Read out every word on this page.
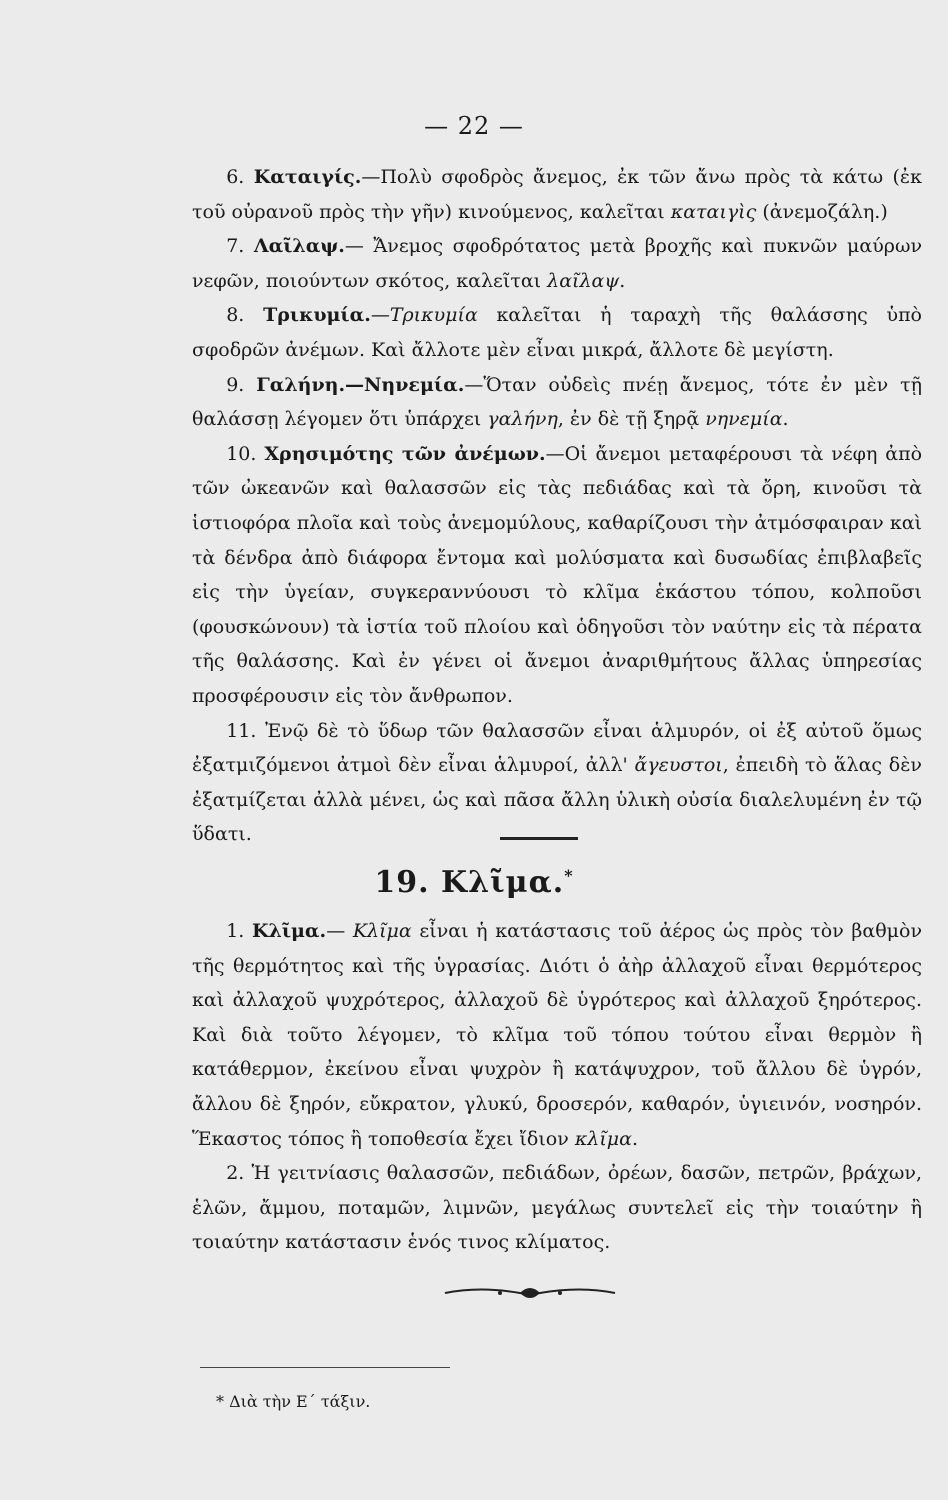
— 22 —

6. Καταιγίς.—Πολὺ σφοδρὸς ἄνεμος, ἐκ τῶν ἄνω πρὸς τὰ κάτω (ἐκ τοῦ οὐρανοῦ πρὸς τὴν γῆν) κινούμενος, καλεῖται καταιγὶς (ἀνεμοζάλη.)

7. Λαῖλαψ.— Ἄνεμος σφοδρότατος μετὰ βροχῆς καὶ πυκνῶν μαύρων νεφῶν, ποιούντων σκότος, καλεῖται λαῖλαψ.

8. Τρικυμία.—Τρικυμία καλεῖται ἡ ταραχὴ τῆς θαλάσσης ὑπὸ σφοδρῶν ἀνέμων. Καὶ ἄλλοτε μὲν εἶναι μικρά, ἄλλοτε δὲ μεγίστη.

9. Γαλήνη.—Νηνεμία.—Ὅταν οὐδεὶς πνέῃ ἄνεμος, τότε ἐν μὲν τῇ θαλάσσῃ λέγομεν ὅτι ὑπάρχει γαλήνη, ἐν δὲ τῇ ξηρᾷ νηνεμία.

10. Χρησιμότης τῶν ἀνέμων.—Οἱ ἄνεμοι μεταφέρουσι τὰ νέφη ἀπὸ τῶν ὠκεανῶν καὶ θαλασσῶν εἰς τὰς πεδιάδας καὶ τὰ ὄρη, κινοῦσι τὰ ἱστιοφόρα πλοῖα καὶ τοὺς ἀνεμομύλους, καθαρίζουσι τὴν ἀτμόσφαιραν καὶ τὰ δένδρα ἀπὸ διάφορα ἔντομα καὶ μολύσματα καὶ δυσωδίας ἐπιβλαβεῖς εἰς τὴν ὑγείαν, συγκεραννύουσι τὸ κλῖμα ἑκάστου τόπου, κολποῦσι (φουσκώνουν) τὰ ἱστία τοῦ πλοίου καὶ ὁδηγοῦσι τὸν ναύτην εἰς τὰ πέρατα τῆς θαλάσσης. Καὶ ἐν γένει οἱ ἄνεμοι ἀναριθμήτους ἄλλας ὑπηρεσίας προσφέρουσιν εἰς τὸν ἄνθρωπον.

11. Ἐνῷ δὲ τὸ ὕδωρ τῶν θαλασσῶν εἶναι ἁλμυρόν, οἱ ἐξ αὐτοῦ ὅμως ἐξατμιζόμενοι ἀτμοὶ δὲν εἶναι ἁλμυροί, ἀλλ' ἄγευστοι, ἐπειδὴ τὸ ἅλας δὲν ἐξατμίζεται ἀλλὰ μένει, ὡς καὶ πᾶσα ἄλλη ὑλικὴ οὐσία διαλελυμένη ἐν τῷ ὕδατι.

19. Κλῖμα.*

1. Κλῖμα.— Κλῖμα εἶναι ἡ κατάστασις τοῦ ἀέρος ὡς πρὸς τὸν βαθμὸν τῆς θερμότητος καὶ τῆς ὑγρασίας. Διότι ὁ ἀὴρ ἀλλαχοῦ εἶναι θερμότερος καὶ ἀλλαχοῦ ψυχρότερος, ἀλλαχοῦ δὲ ὑγρότερος καὶ ἀλλαχοῦ ξηρότερος. Καὶ διὰ τοῦτο λέγομεν, τὸ κλῖμα τοῦ τόπου τούτου εἶναι θερμὸν ἢ κατάθερμον, ἐκείνου εἶναι ψυχρὸν ἢ κατάψυχρον, τοῦ ἄλλου δὲ ὑγρόν, ἄλλου δὲ ξηρόν, εὔκρατον, γλυκύ, δροσερόν, καθαρόν, ὑγιεινόν, νοσηρόν. Ἕκαστος τόπος ἢ τοποθεσία ἔχει ἴδιον κλῖμα.

2. Ἡ γειτνίασις θαλασσῶν, πεδιάδων, ὀρέων, δασῶν, πετρῶν, βράχων, ἑλῶν, ἄμμου, ποταμῶν, λιμνῶν, μεγάλως συντελεῖ εἰς τὴν τοιαύτην ἢ τοιαύτην κατάστασιν ἑνός τινος κλίματος.

* Διὰ τὴν Ε΄ τάξιν.
